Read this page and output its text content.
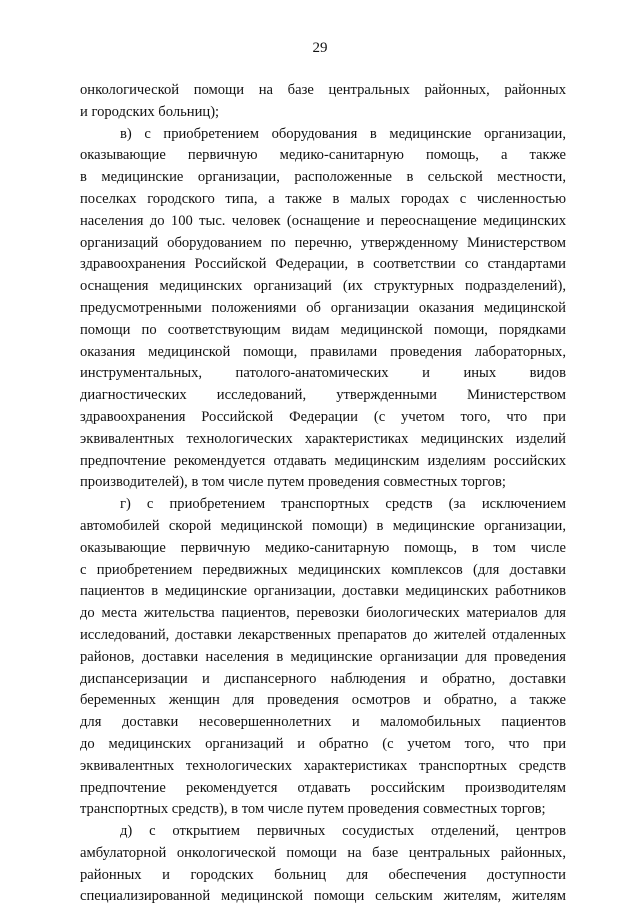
29
онкологической помощи на базе центральных районных, районных
и городских больниц);
в) с приобретением оборудования в медицинские организации,
оказывающие первичную медико-санитарную помощь, а также
в медицинские организации, расположенные в сельской местности,
поселках городского типа, а также в малых городах с численностью
населения до 100 тыс. человек (оснащение и переоснащение медицинских
организаций оборудованием по перечню, утвержденному Министерством
здравоохранения Российской Федерации, в соответствии со стандартами
оснащения медицинских организаций (их структурных подразделений),
предусмотренными положениями об организации оказания медицинской
помощи по соответствующим видам медицинской помощи, порядками
оказания медицинской помощи, правилами проведения лабораторных,
инструментальных, патолого-анатомических и иных видов
диагностических исследований, утвержденными Министерством
здравоохранения Российской Федерации (с учетом того, что при
эквивалентных технологических характеристиках медицинских изделий
предпочтение рекомендуется отдавать медицинским изделиям российских
производителей), в том числе путем проведения совместных торгов;
г) с приобретением транспортных средств (за исключением
автомобилей скорой медицинской помощи) в медицинские организации,
оказывающие первичную медико-санитарную помощь, в том числе
с приобретением передвижных медицинских комплексов (для доставки
пациентов в медицинские организации, доставки медицинских работников
до места жительства пациентов, перевозки биологических материалов для
исследований, доставки лекарственных препаратов до жителей отдаленных
районов, доставки населения в медицинские организации для проведения
диспансеризации и диспансерного наблюдения и обратно, доставки
беременных женщин для проведения осмотров и обратно, а также
для доставки несовершеннолетних и маломобильных пациентов
до медицинских организаций и обратно (с учетом того, что при
эквивалентных технологических характеристиках транспортных средств
предпочтение рекомендуется отдавать российским производителям
транспортных средств), в том числе путем проведения совместных торгов;
д) с открытием первичных сосудистых отделений, центров
амбулаторной онкологической помощи на базе центральных районных,
районных и городских больниц для обеспечения доступности
специализированной медицинской помощи сельским жителям, жителям
